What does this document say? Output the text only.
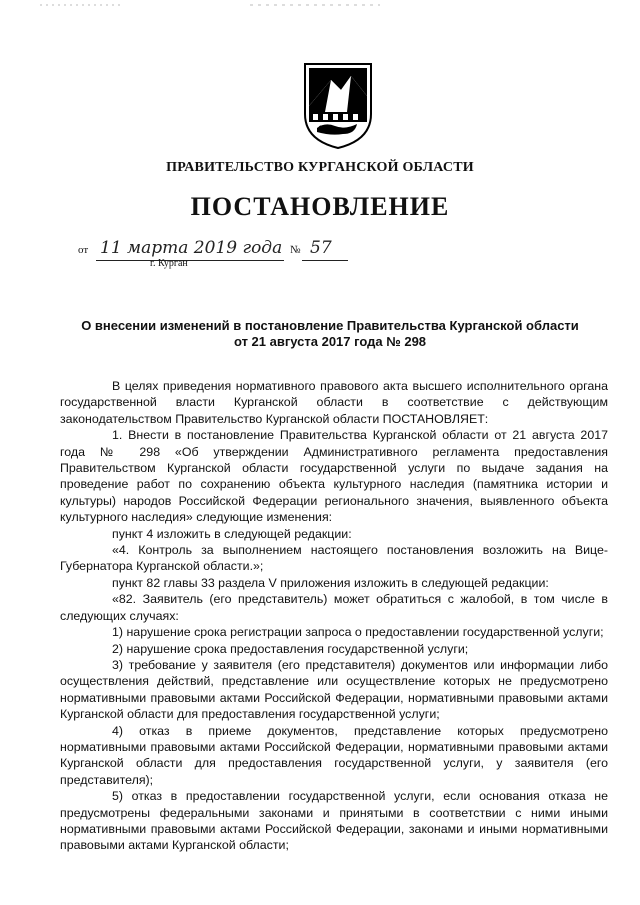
ПРАВИТЕЛЬСТВО КУРГАНСКОЙ ОБЛАСТИ
ПОСТАНОВЛЕНИЕ
от 11 марта 2019 года № 57
г. Курган
О внесении изменений в постановление Правительства Курганской области
от 21 августа 2017 года № 298

В целях приведения нормативного правового акта высшего исполнительного органа государственной власти Курганской области в соответствие с действующим законодательством Правительство Курганской области ПОСТАНОВЛЯЕТ:

1. Внести в постановление Правительства Курганской области от 21 августа 2017 года № 298 «Об утверждении Административного регламента предоставления Правительством Курганской области государственной услуги по выдаче задания на проведение работ по сохранению объекта культурного наследия (памятника истории и культуры) народов Российской Федерации регионального значения, выявленного объекта культурного наследия» следующие изменения:

пункт 4 изложить в следующей редакции:

«4. Контроль за выполнением настоящего постановления возложить на Вице-Губернатора Курганской области.»;

пункт 82 главы 33 раздела V приложения изложить в следующей редакции:

«82. Заявитель (его представитель) может обратиться с жалобой, в том числе в следующих случаях:

1) нарушение срока регистрации запроса о предоставлении государственной услуги;

2) нарушение срока предоставления государственной услуги;

3) требование у заявителя (его представителя) документов или информации либо осуществления действий, представление или осуществление которых не предусмотрено нормативными правовыми актами Российской Федерации, нормативными правовыми актами Курганской области для предоставления государственной услуги;

4) отказ в приеме документов, представление которых предусмотрено нормативными правовыми актами Российской Федерации, нормативными правовыми актами Курганской области для предоставления государственной услуги, у заявителя (его представителя);

5) отказ в предоставлении государственной услуги, если основания отказа не предусмотрены федеральными законами и принятыми в соответствии с ними иными нормативными правовыми актами Российской Федерации, законами и иными нормативными правовыми актами Курганской области;
